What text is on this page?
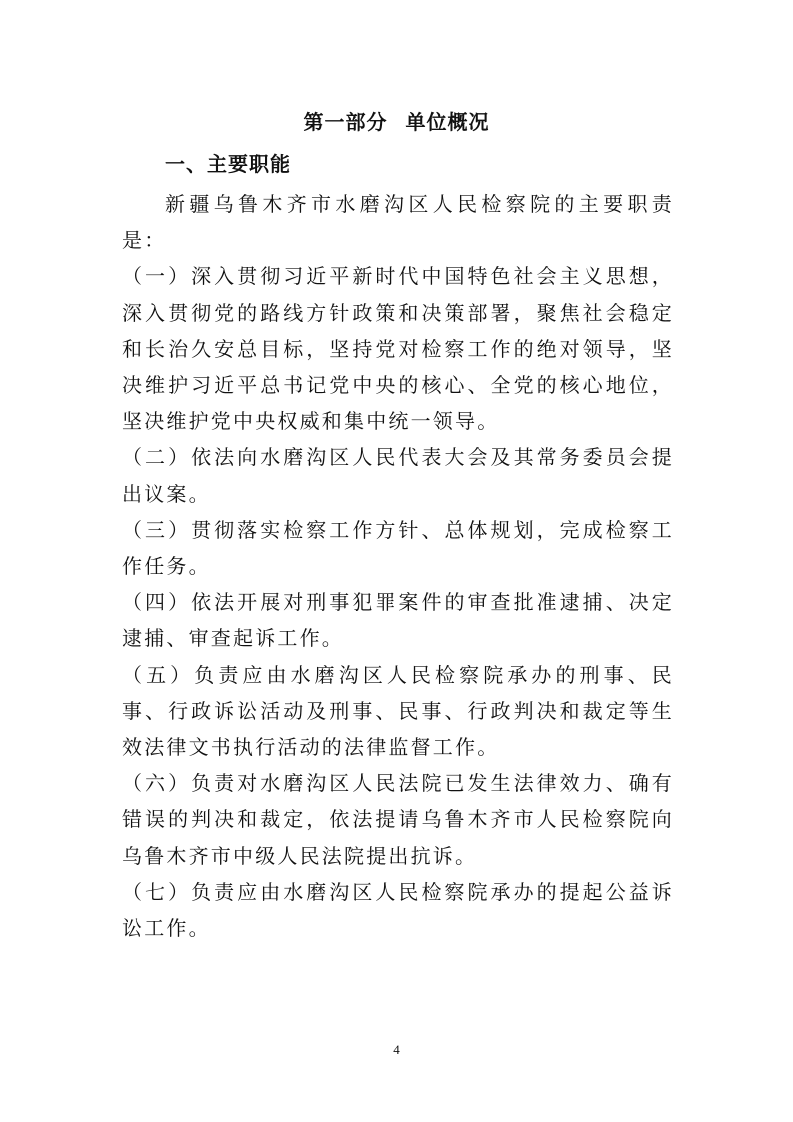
第一部分 单位概况
一、主要职能

新疆乌鲁木齐市水磨沟区人民检察院的主要职责是：

（一）深入贯彻习近平新时代中国特色社会主义思想，深入贯彻党的路线方针政策和决策部署，聚焦社会稳定和长治久安总目标，坚持党对检察工作的绝对领导，坚决维护习近平总书记党中央的核心、全党的核心地位，坚决维护党中央权威和集中统一领导。

（二）依法向水磨沟区人民代表大会及其常务委员会提出议案。

（三）贯彻落实检察工作方针、总体规划，完成检察工作任务。

（四）依法开展对刑事犯罪案件的审查批准逮捕、决定逮捕、审查起诉工作。

（五）负责应由水磨沟区人民检察院承办的刑事、民事、行政诉讼活动及刑事、民事、行政判决和裁定等生效法律文书执行活动的法律监督工作。

（六）负责对水磨沟区人民法院已发生法律效力、确有错误的判决和裁定，依法提请乌鲁木齐市人民检察院向乌鲁木齐市中级人民法院提出抗诉。

（七）负责应由水磨沟区人民检察院承办的提起公益诉讼工作。

4
